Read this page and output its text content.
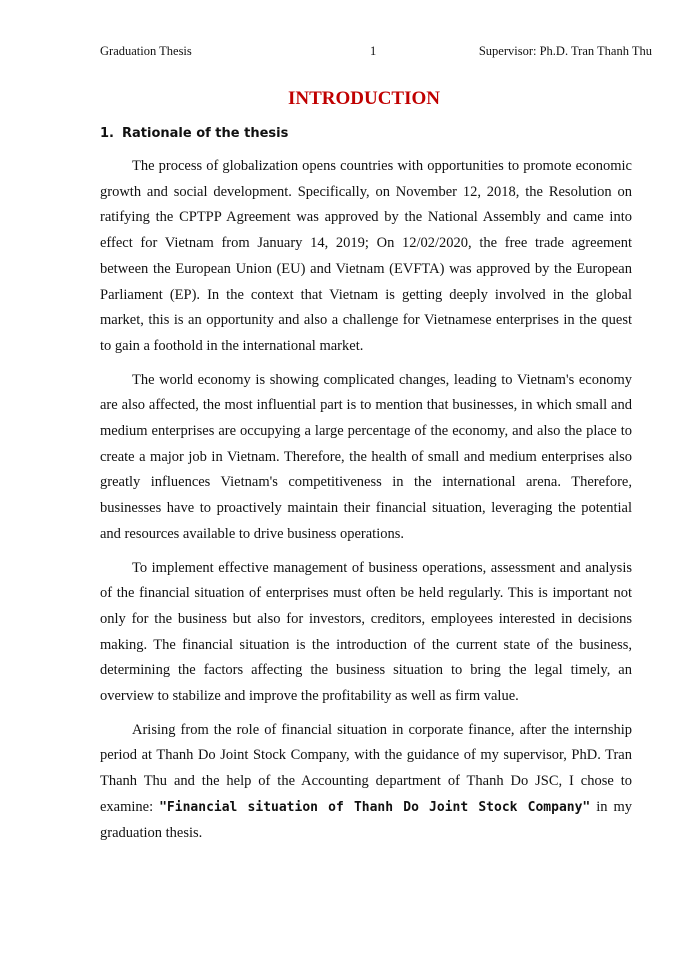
Graduation Thesis	1	Supervisor: Ph.D. Tran Thanh Thu
INTRODUCTION
1. Rationale of the thesis

The process of globalization opens countries with opportunities to promote economic growth and social development. Specifically, on November 12, 2018, the Resolution on ratifying the CPTPP Agreement was approved by the National Assembly and came into effect for Vietnam from January 14, 2019; On 12/02/2020, the free trade agreement between the European Union (EU) and Vietnam (EVFTA) was approved by the European Parliament (EP). In the context that Vietnam is getting deeply involved in the global market, this is an opportunity and also a challenge for Vietnamese enterprises in the quest to gain a foothold in the international market.

The world economy is showing complicated changes, leading to Vietnam's economy are also affected, the most influential part is to mention that businesses, in which small and medium enterprises are occupying a large percentage of the economy, and also the place to create a major job in Vietnam. Therefore, the health of small and medium enterprises also greatly influences Vietnam's competitiveness in the international arena. Therefore, businesses have to proactively maintain their financial situation, leveraging the potential and resources available to drive business operations.

To implement effective management of business operations, assessment and analysis of the financial situation of enterprises must often be held regularly. This is important not only for the business but also for investors, creditors, employees interested in decisions making. The financial situation is the introduction of the current state of the business, determining the factors affecting the business situation to bring the legal timely, an overview to stabilize and improve the profitability as well as firm value.

Arising from the role of financial situation in corporate finance, after the internship period at Thanh Do Joint Stock Company, with the guidance of my supervisor, PhD. Tran Thanh Thu and the help of the Accounting department of Thanh Do JSC, I chose to examine: "Financial situation of Thanh Do Joint Stock Company" in my graduation thesis.
